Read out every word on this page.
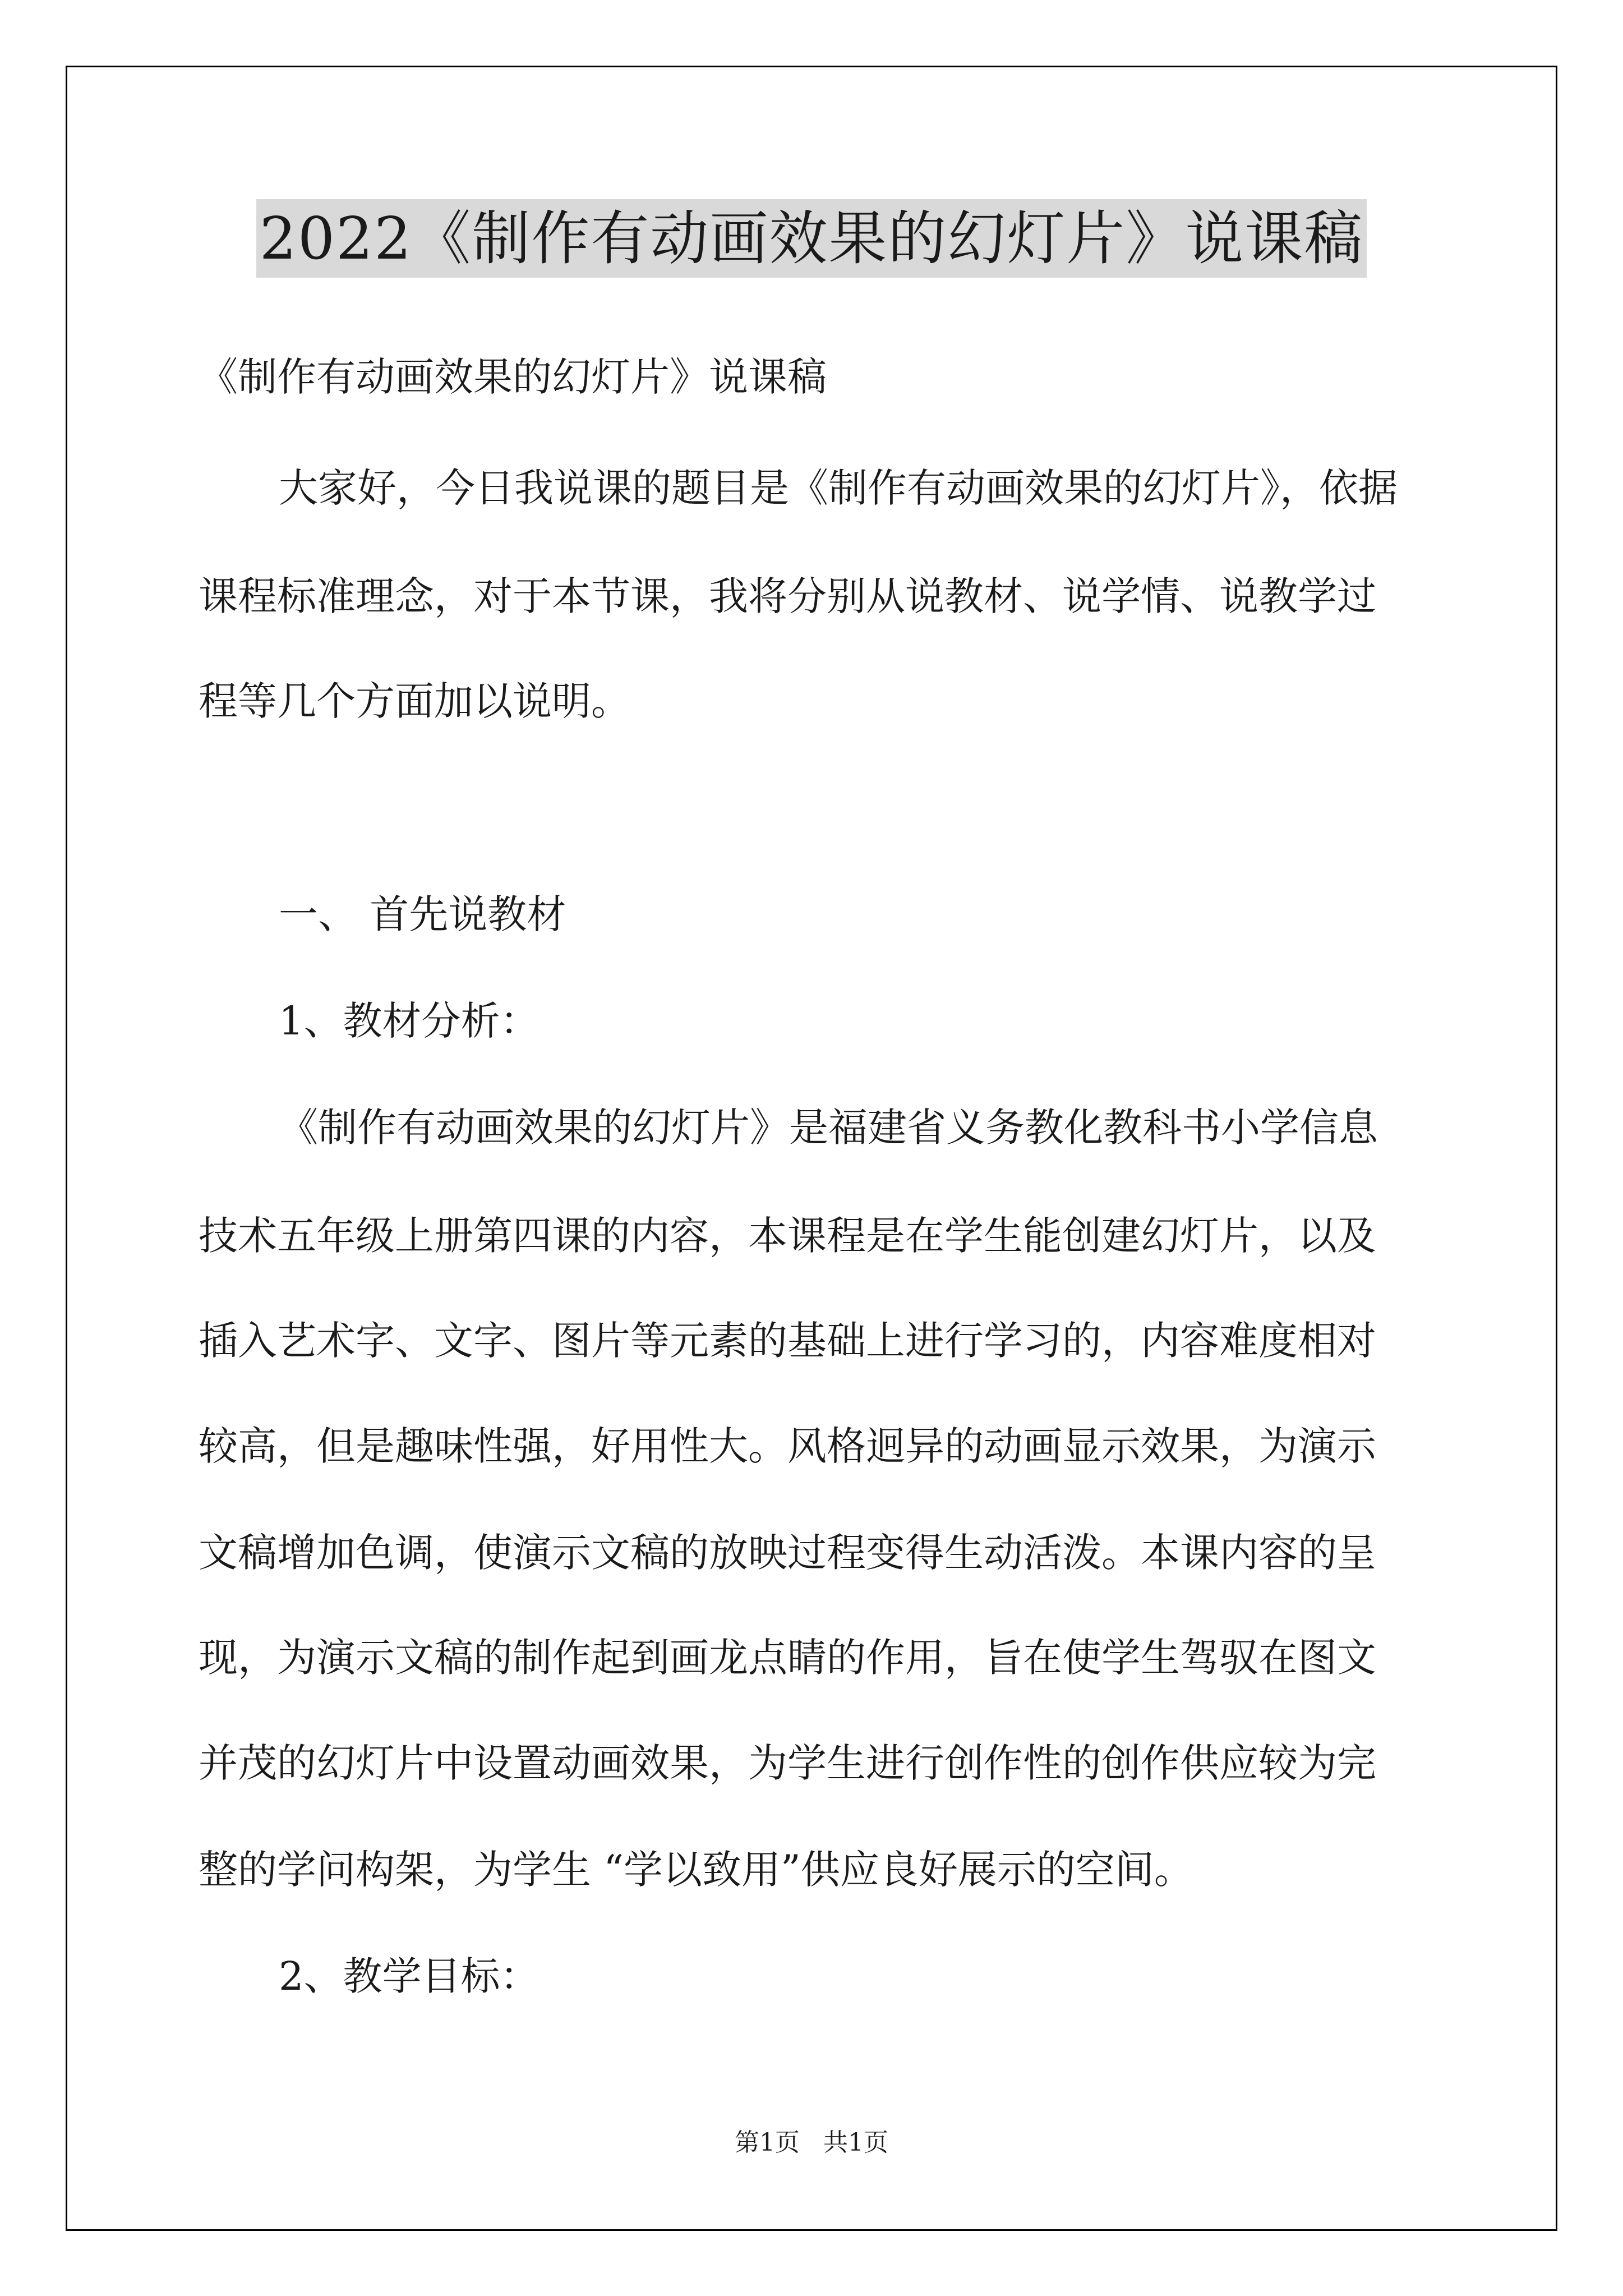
2022《制作有动画效果的幻灯片》说课稿
《制作有动画效果的幻灯片》说课稿
大家好，今日我说课的题目是《制作有动画效果的幻灯片》，依据
课程标准理念，对于本节课，我将分别从说教材、说学情、说教学过
程等几个方面加以说明。
一、 首先说教材
1、教材分析：
《制作有动画效果的幻灯片》是福建省义务教化教科书小学信息
技术五年级上册第四课的内容，本课程是在学生能创建幻灯片，以及
插入艺术字、文字、图片等元素的基础上进行学习的，内容难度相对
较高，但是趣味性强，好用性大。风格迥异的动画显示效果，为演示
文稿增加色调，使演示文稿的放映过程变得生动活泼。本课内容的呈
现，为演示文稿的制作起到画龙点睛的作用，旨在使学生驾驭在图文
并茂的幻灯片中设置动画效果，为学生进行创作性的创作供应较为完
整的学问构架，为学生 “学以致用”供应良好展示的空间。
2、教学目标：
第1页   共1页
